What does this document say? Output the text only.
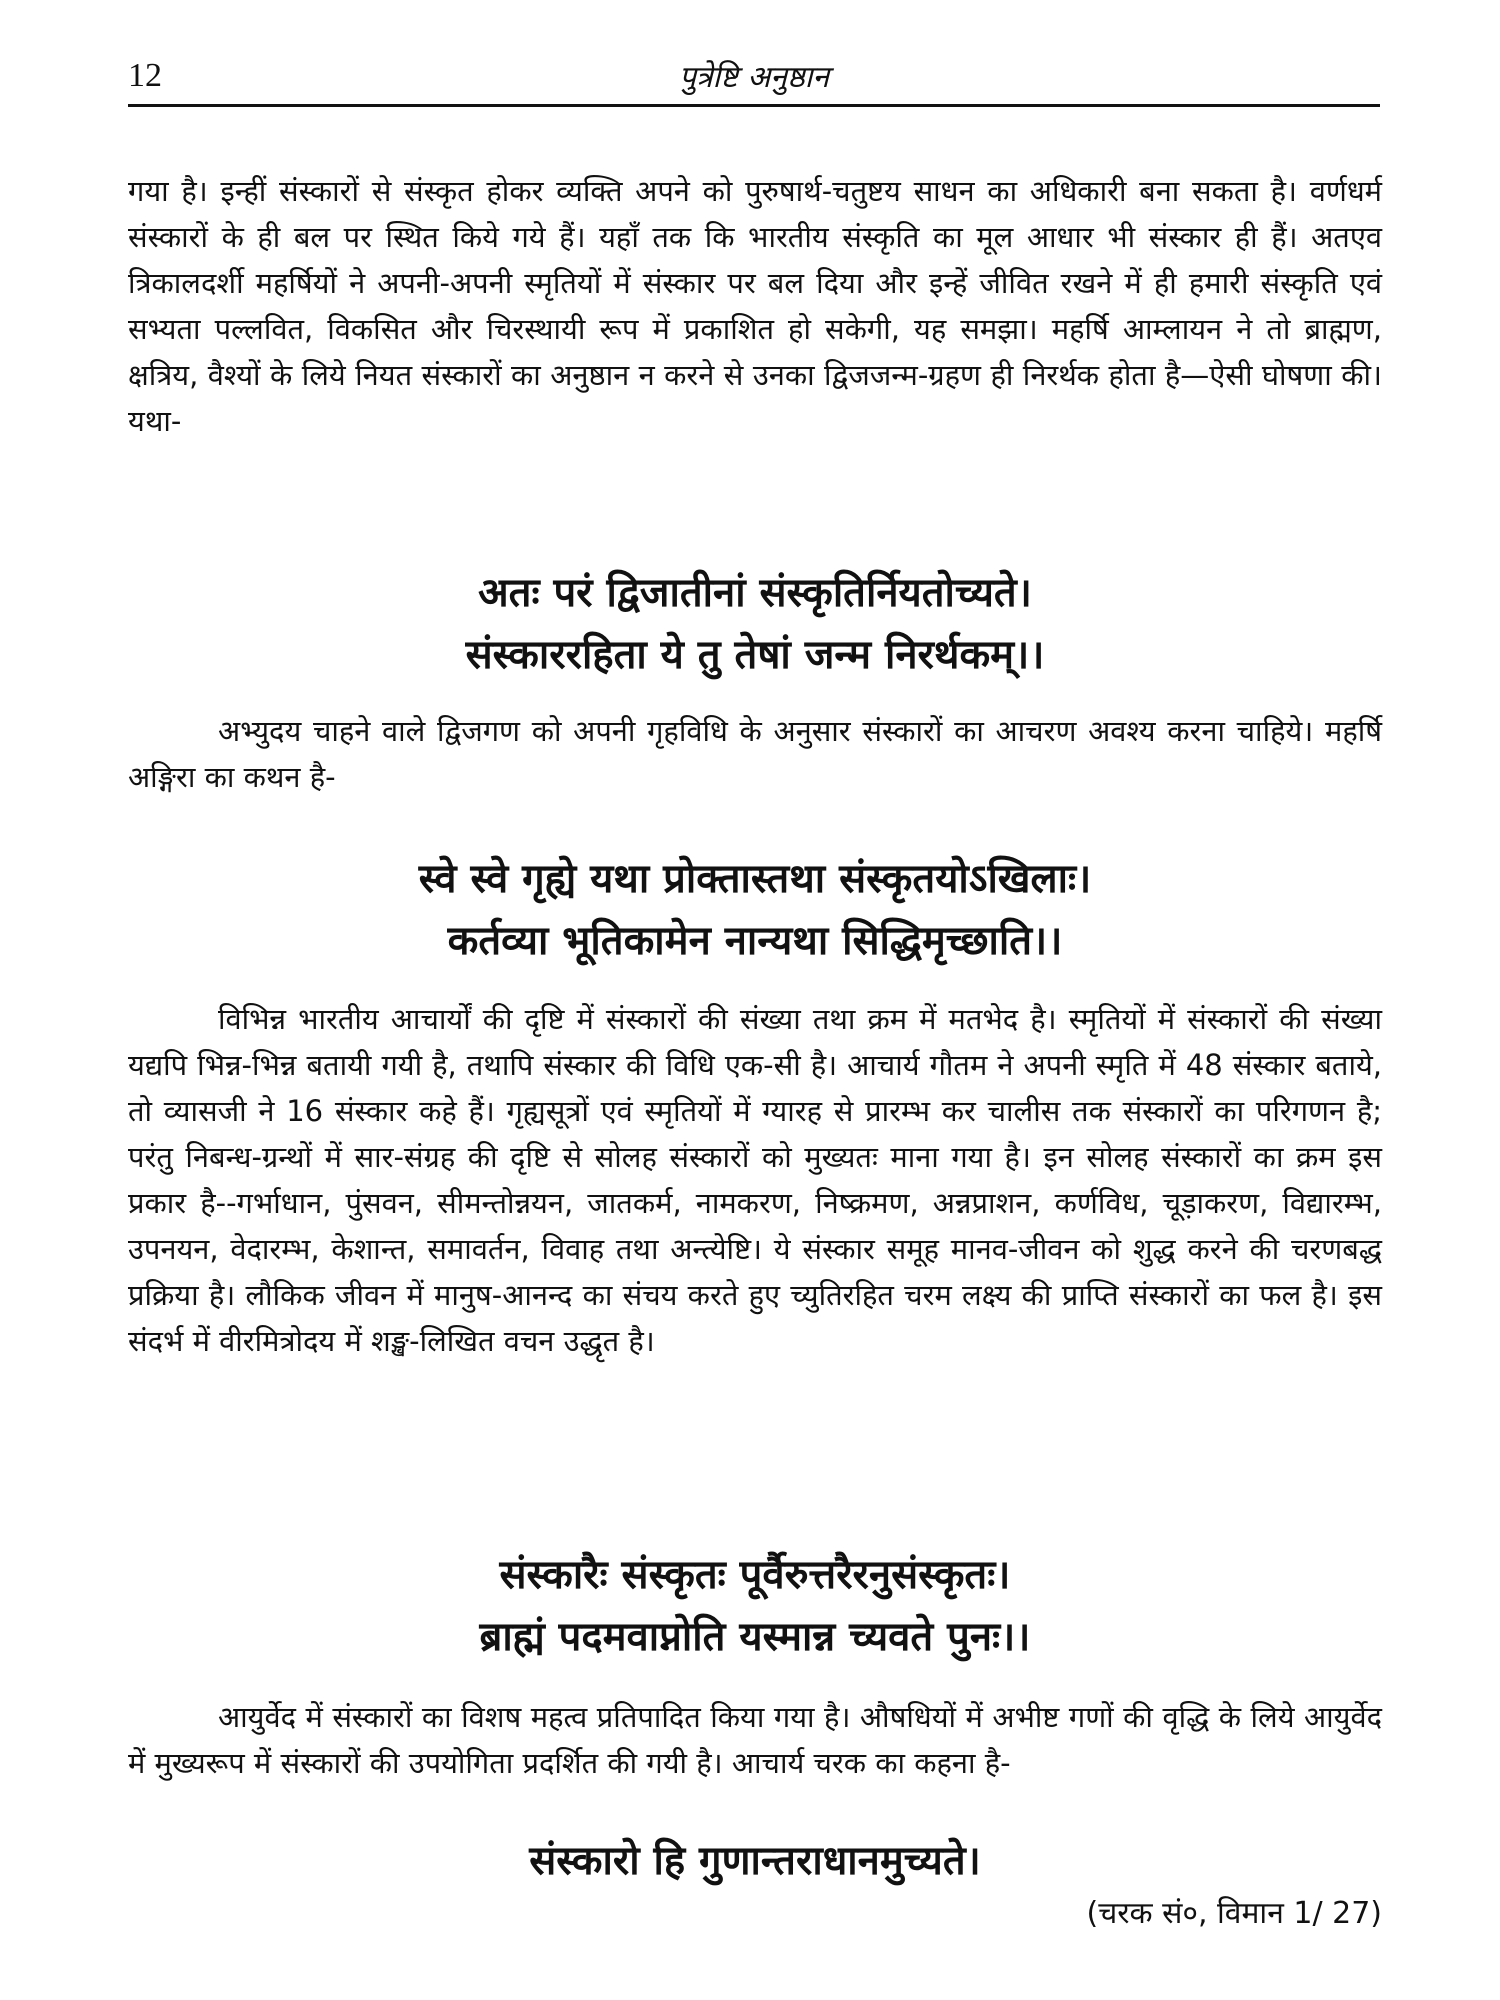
12	पुत्रेष्टि अनुष्ठान

गया है। इन्हीं संस्कारों से संस्कृत होकर व्यक्ति अपने को पुरुषार्थ-चतुष्टय साधन का अधिकारी बना सकता है। वर्णधर्म संस्कारों के ही बल पर स्थित किये गये हैं। यहाँ तक कि भारतीय संस्कृति का मूल आधार भी संस्कार ही हैं। अतएव त्रिकालदर्शी महर्षियों ने अपनी-अपनी स्मृतियों में संस्कार पर बल दिया और इन्हें जीवित रखने में ही हमारी संस्कृति एवं सभ्यता पल्लवित, विकसित और चिरस्थायी रूप में प्रकाशित हो सकेगी, यह समझा। महर्षि आम्लायन ने तो ब्राह्मण, क्षत्रिय, वैश्यों के लिये नियत संस्कारों का अनुष्ठान न करने से उनका द्विजजन्म-ग्रहण ही निरर्थक होता है—ऐसी घोषणा की। यथा-

अतः परं द्विजातीनां संस्कृतिर्नियतोच्यते।
संस्काररहिता ये तु तेषां जन्म निरर्थकम्।।

अभ्युदय चाहने वाले द्विजगण को अपनी गृहविधि के अनुसार संस्कारों का आचरण अवश्य करना चाहिये। महर्षि अङ्गिरा का कथन है-

स्वे स्वे गृह्ये यथा प्रोक्तास्तथा संस्कृतयोऽखिलाः।
कर्तव्या भूतिकामेन नान्यथा सिद्धिमृच्छाति।।

विभिन्न भारतीय आचार्यों की दृष्टि में संस्कारों की संख्या तथा क्रम में मतभेद है। स्मृतियों में संस्कारों की संख्या यद्यपि भिन्न-भिन्न बतायी गयी है, तथापि संस्कार की विधि एक-सी है। आचार्य गौतम ने अपनी स्मृति में 48 संस्कार बताये, तो व्यासजी ने 16 संस्कार कहे हैं। गृह्यसूत्रों एवं स्मृतियों में ग्यारह से प्रारम्भ कर चालीस तक संस्कारों का परिगणन है; परंतु निबन्ध-ग्रन्थों में सार-संग्रह की दृष्टि से सोलह संस्कारों को मुख्यतः माना गया है। इन सोलह संस्कारों का क्रम इस प्रकार है--गर्भाधान, पुंसवन, सीमन्तोन्नयन, जातकर्म, नामकरण, निष्क्रमण, अन्नप्राशन, कर्णविध, चूड़ाकरण, विद्यारम्भ, उपनयन, वेदारम्भ, केशान्त, समावर्तन, विवाह तथा अन्त्येष्टि। ये संस्कार समूह मानव-जीवन को शुद्ध करने की चरणबद्ध प्रक्रिया है। लौकिक जीवन में मानुष-आनन्द का संचय करते हुए च्युतिरहित चरम लक्ष्य की प्राप्ति संस्कारों का फल है। इस संदर्भ में वीरमित्रोदय में शङ्ख-लिखित वचन उद्धृत है।

संस्कारैः संस्कृतः पूर्वैरुत्तरैरनुसंस्कृतः।
ब्राह्मं पदमवाप्नोति यस्मान्न च्यवते पुनः।।

आयुर्वेद में संस्कारों का विशष महत्व प्रतिपादित किया गया है। औषधियों में अभीष्ट गणों की वृद्धि के लिये आयुर्वेद में मुख्यरूप में संस्कारों की उपयोगिता प्रदर्शित की गयी है। आचार्य चरक का कहना है-

संस्कारो हि गुणान्तराधानमुच्यते।
(चरक सं०, विमान 1/ 27)
